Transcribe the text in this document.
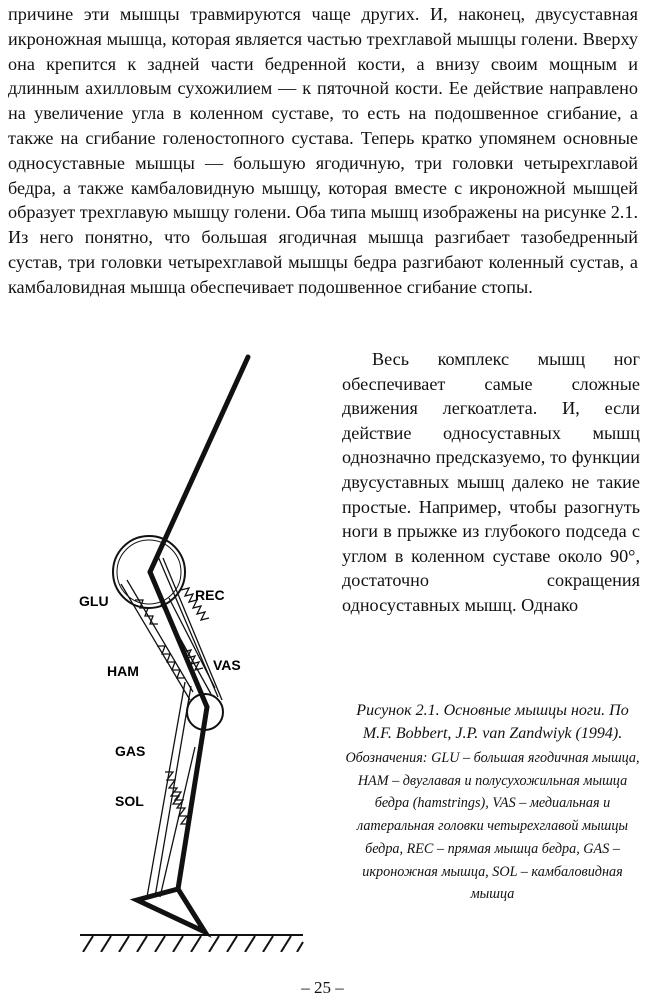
причине эти мышцы травмируются чаще других. И, наконец, двусуставная икроножная мышца, которая является частью трехглавой мышцы голени. Вверху она крепится к задней части бедренной кости, а внизу своим мощным и длинным ахилловым сухожилием — к пяточной кости. Ее действие направлено на увеличение угла в коленном суставе, то есть на подошвенное сгибание, а также на сгибание голеностопного сустава. Теперь кратко упомянем основные односуставные мышцы — большую ягодичную, три головки четырехглавой бедра, а также камбаловидную мышцу, которая вместе с икроножной мышцей образует трехглавую мышцу голени. Оба типа мышц изображены на рисунке 2.1. Из него понятно, что большая ягодичная мышца разгибает тазобедренный сустав, три головки четырехглавой мышцы бедра разгибают коленный сустав, а камбаловидная мышца обеспечивает подошвенное сгибание стопы.

GLU	REC
HAM	VAS
GAS
SOL

Весь комплекс мышц ног обеспечивает самые сложные движения легкоатлета. И, если действие односуставных мышц однозначно предсказуемо, то функции двусуставных мышц далеко не такие простые. Например, чтобы разогнуть ноги в прыжке из глубокого подседа с углом в коленном суставе около 90°, достаточно сокращения односуставных мышц. Однако

Рисунок 2.1. Основные мышцы ноги. По M.F. Bobbert, J.P. van Zandwiyk (1994).
Обозначения: GLU – большая ягодичная мышца, HAM – двуглавая и полусухожильная мышца бедра (hamstrings), VAS – медиальная и латеральная головки четырехглавой мышцы бедра, REC – прямая мышца бедра, GAS – икроножная мышца, SOL – камбаловидная мышца
– 25 –
